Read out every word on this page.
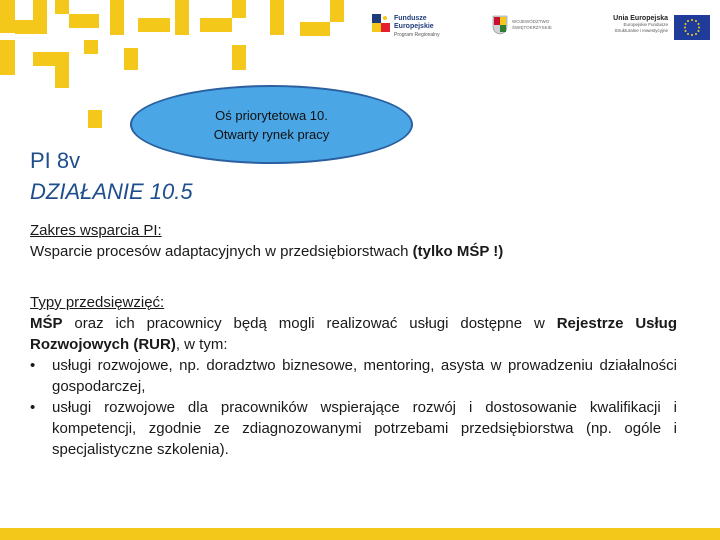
Fundusze
Europejskie
Program Regionalny
WOJEWÓDZTWO
ŚWIĘTOKRZYSKIE
Unia Europejska
Europejskie Fundusze
Strukturalne i Inwestycyjne
Oś priorytetowa 10.
Otwarty rynek pracy
PI 8v
DZIAŁANIE 10.5
Zakres wsparcia PI:
Wsparcie procesów adaptacyjnych w przedsiębiorstwach (tylko MŚP !)
Typy przedsięwzięć:
MŚP oraz ich pracownicy będą mogli realizować usługi dostępne w Rejestrze Usług Rozwojowych (RUR), w tym:
• usługi rozwojowe, np. doradztwo biznesowe, mentoring, asysta w prowadzeniu działalności gospodarczej,
• usługi rozwojowe dla pracowników wspierające rozwój i dostosowanie kwalifikacji i kompetencji, zgodnie ze zdiagnozowanymi potrzebami przedsiębiorstwa (np. ogóle i specjalistyczne szkolenia).
